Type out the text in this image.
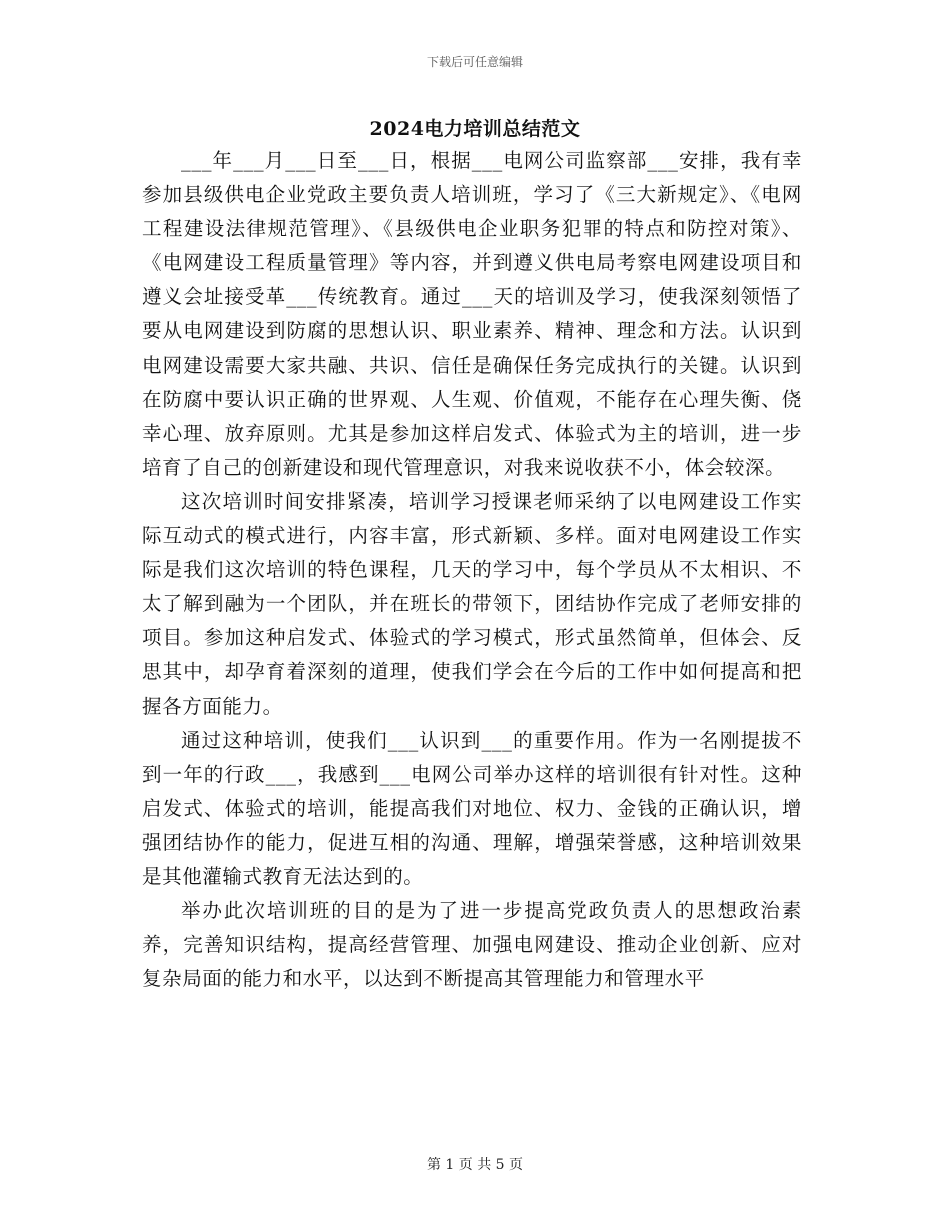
下载后可任意编辑
2024电力培训总结范文

___年___月___日至___日，根据___电网公司监察部___安排，我有幸参加县级供电企业党政主要负责人培训班，学习了《三大新规定》、《电网工程建设法律规范管理》、《县级供电企业职务犯罪的特点和防控对策》、《电网建设工程质量管理》等内容，并到遵义供电局考察电网建设项目和遵义会址接受革___传统教育。通过___天的培训及学习，使我深刻领悟了要从电网建设到防腐的思想认识、职业素养、精神、理念和方法。认识到电网建设需要大家共融、共识、信任是确保任务完成执行的关键。认识到在防腐中要认识正确的世界观、人生观、价值观，不能存在心理失衡、侥幸心理、放弃原则。尤其是参加这样启发式、体验式为主的培训，进一步培育了自己的创新建设和现代管理意识，对我来说收获不小，体会较深。

这次培训时间安排紧凑，培训学习授课老师采纳了以电网建设工作实际互动式的模式进行，内容丰富，形式新颖、多样。面对电网建设工作实际是我们这次培训的特色课程，几天的学习中，每个学员从不太相识、不太了解到融为一个团队，并在班长的带领下，团结协作完成了老师安排的项目。参加这种启发式、体验式的学习模式，形式虽然简单，但体会、反思其中，却孕育着深刻的道理，使我们学会在今后的工作中如何提高和把握各方面能力。

通过这种培训，使我们___认识到___的重要作用。作为一名刚提拔不到一年的行政___，我感到___电网公司举办这样的培训很有针对性。这种启发式、体验式的培训，能提高我们对地位、权力、金钱的正确认识，增强团结协作的能力，促进互相的沟通、理解，增强荣誉感，这种培训效果是其他灌输式教育无法达到的。

举办此次培训班的目的是为了进一步提高党政负责人的思想政治素养，完善知识结构，提高经营管理、加强电网建设、推动企业创新、应对复杂局面的能力和水平，以达到不断提高其管理能力和管理水平

第 1 页 共 5 页
